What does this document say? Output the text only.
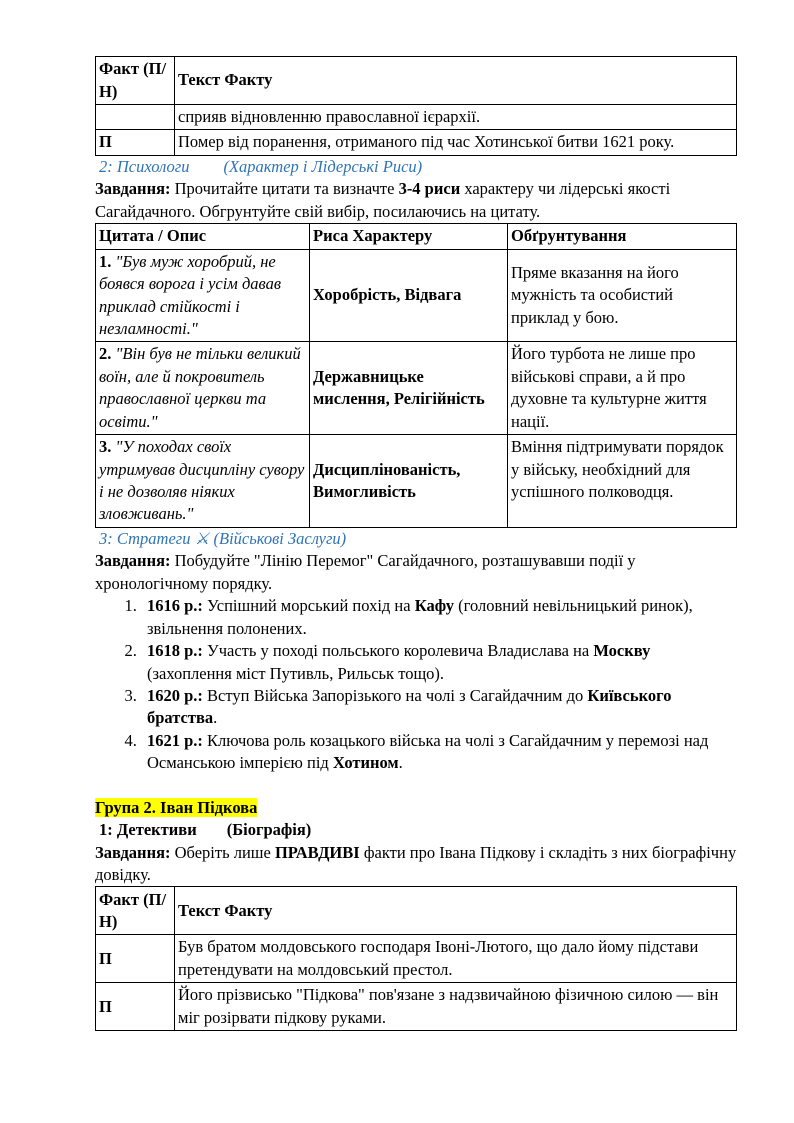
Факт (П/Н)	Текст Факту
	сприяв відновленню православної ієрархії.
П	Помер від поранення, отриманого під час Хотинської битви 1621 року.
2: Психологи (Характер і Лідерські Риси)

Завдання: Прочитайте цитати та визначте 3-4 риси характеру чи лідерські якості Сагайдачного. Обгрунтуйте свій вибір, посилаючись на цитату.

Цитата / Опис	Риса Характеру	Обґрунтування
1. "Був муж хоробрий, не боявся ворога і усім давав приклад стійкості і незламності."	Хоробрість, Відвага	Пряме вказання на його мужність та особистий приклад у бою.
2. "Він був не тільки великий воїн, але й покровитель православної церкви та освіти."	Державницьке мислення, Релігійність	Його турбота не лише про військові справи, а й про духовне та культурне життя нації.
3. "У походах своїх утримував дисципліну сувору і не дозволяв ніяких зловживань."	Дисциплінованість, Вимогливість	Вміння підтримувати порядок у війську, необхідний для успішного полководця.
3: Стратеги ⚔ (Військові Заслуги)

Завдання: Побудуйте "Лінію Перемог" Сагайдачного, розташувавши події у хронологічному порядку.

1. 1616 р.: Успішний морський похід на Кафу (головний невільницький ринок), звільнення полонених.
2. 1618 р.: Участь у поході польського королевича Владислава на Москву (захоплення міст Путивль, Рильськ тощо).
3. 1620 р.: Вступ Війська Запорізького на чолі з Сагайдачним до Київського братства.
4. 1621 р.: Ключова роль козацького війська на чолі з Сагайдачним у перемозі над Османською імперією під Хотином.
Група 2. Іван Підкова
1: Детективи (Біографія)

Завдання: Оберіть лише ПРАВДИВІ факти про Івана Підкову і складіть з них біографічну довідку.

Факт (П/Н)	Текст Факту
П	Був братом молдовського господаря Івоні-Лютого, що дало йому підстави претендувати на молдовський престол.
П	Його прізвисько "Підкова" пов'язане з надзвичайною фізичною силою — він міг розірвати підкову руками.
